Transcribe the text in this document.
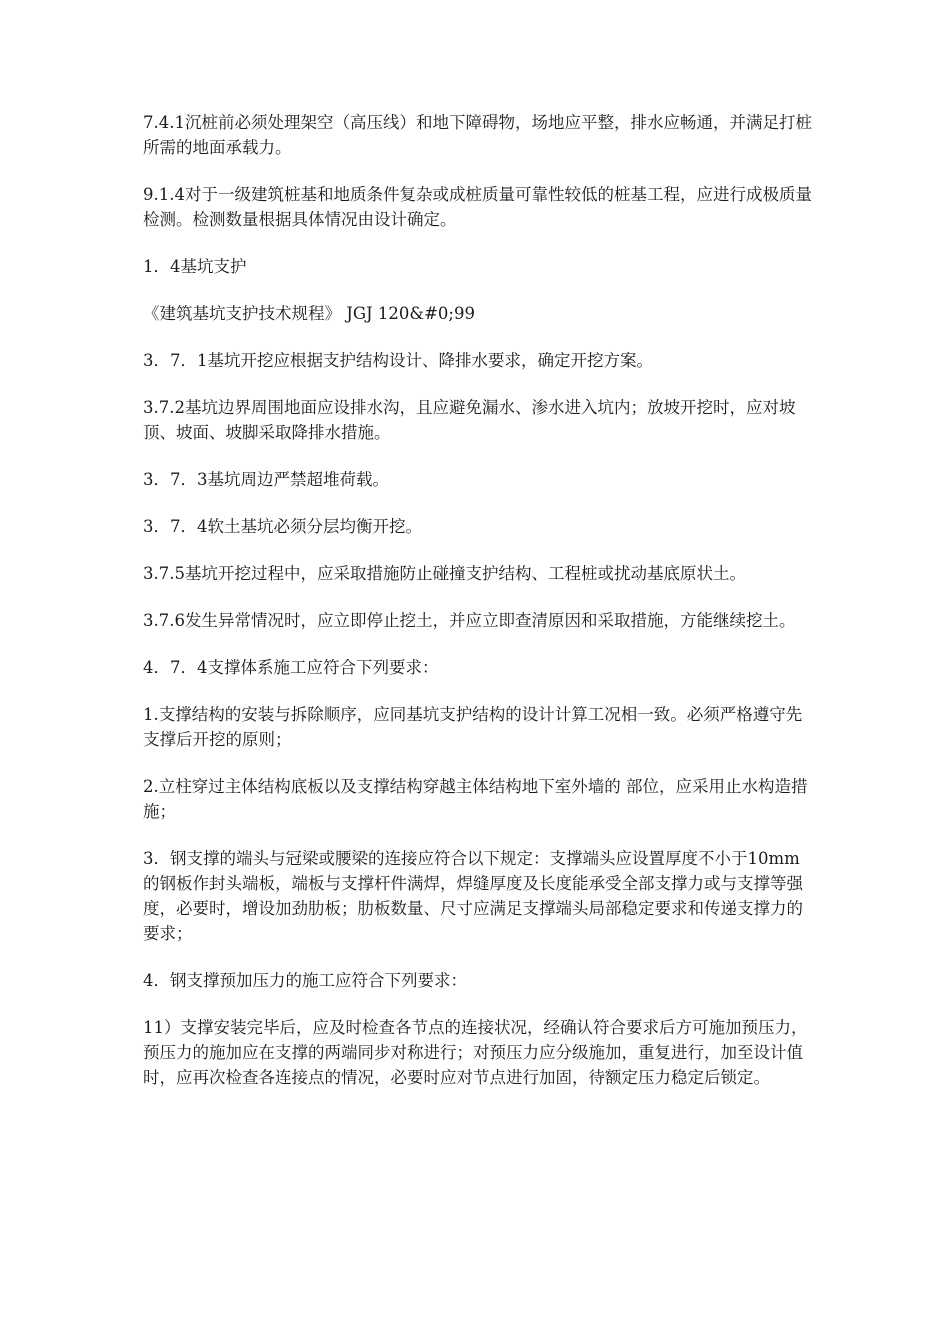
7.4.1沉桩前必须处理架空（高压线）和地下障碍物，场地应平整，排水应畅通，并满足打桩所需的地面承载力。

9.1.4对于一级建筑桩基和地质条件复杂或成桩质量可靠性较低的桩基工程，应进行成极质量检测。检测数量根据具体情况由设计确定。

1．4基坑支护

《建筑基坑支护技术规程》 JGJ 120&#0;99

3．7．1基坑开挖应根据支护结构设计、降排水要求，确定开挖方案。

3.7.2基坑边界周围地面应设排水沟，且应避免漏水、渗水进入坑内；放坡开挖时，应对坡顶、坡面、坡脚采取降排水措施。

3．7．3基坑周边严禁超堆荷载。

3．7．4软土基坑必须分层均衡开挖。

3.7.5基坑开挖过程中，应采取措施防止碰撞支护结构、工程桩或扰动基底原状土。

3.7.6发生异常情况时，应立即停止挖土，并应立即查清原因和采取措施，方能继续挖土。

4．7．4支撑体系施工应符合下列要求：

1.支撑结构的安装与拆除顺序，应同基坑支护结构的设计计算工况相一致。必须严格遵守先支撑后开挖的原则；

2.立柱穿过主体结构底板以及支撑结构穿越主体结构地下室外墙的 部位，应采用止水构造措施；

3．钢支撑的端头与冠梁或腰梁的连接应符合以下规定：支撑端头应设置厚度不小于10mm的钢板作封头端板，端板与支撑杆件满焊，焊缝厚度及长度能承受全部支撑力或与支撑等强度，必要时，增设加劲肋板；肋板数量、尺寸应满足支撑端头局部稳定要求和传递支撑力的要求；

4．钢支撑预加压力的施工应符合下列要求：

11）支撑安装完毕后，应及时检查各节点的连接状况，经确认符合要求后方可施加预压力，预压力的施加应在支撑的两端同步对称进行；对预压力应分级施加，重复进行，加至设计值时，应再次检查各连接点的情况，必要时应对节点进行加固，待额定压力稳定后锁定。
